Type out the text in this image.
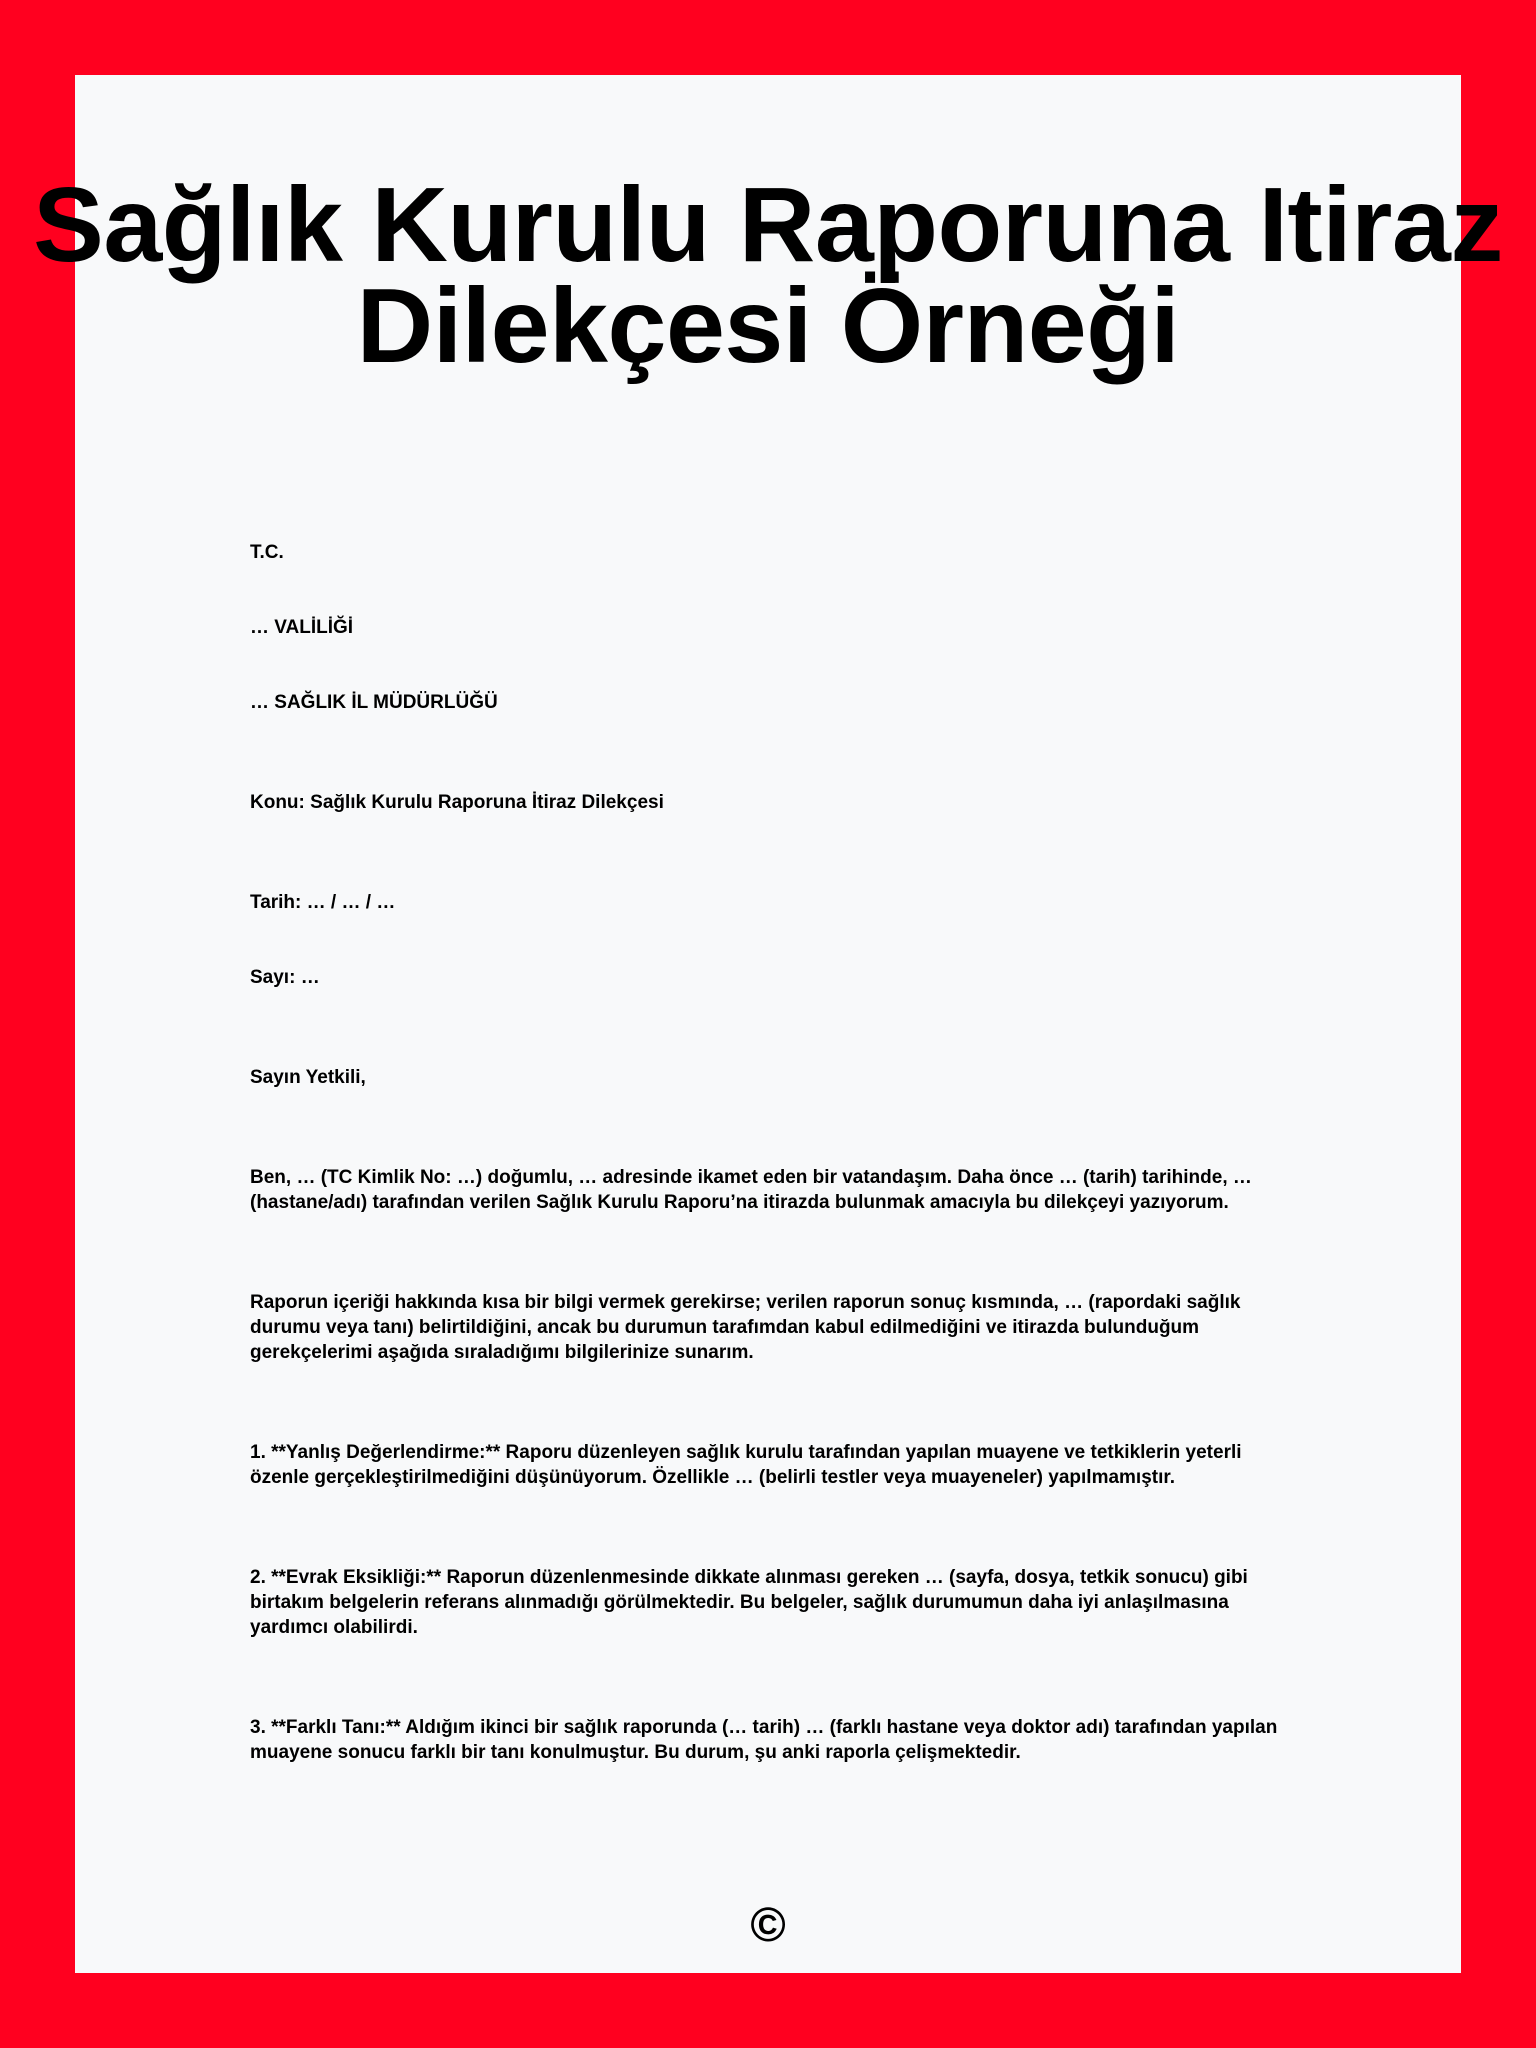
Sağlık Kurulu Raporuna Itiraz Dilekçesi Örneği

T.C.

… VALİLİĞİ

… SAĞLIK İL MÜDÜRLÜĞÜ

Konu: Sağlık Kurulu Raporuna İtiraz Dilekçesi

Tarih: … / … / …

Sayı: …

Sayın Yetkili,

Ben, … (TC Kimlik No: …) doğumlu, … adresinde ikamet eden bir vatandaşım. Daha önce … (tarih) tarihinde, … (hastane/adı) tarafından verilen Sağlık Kurulu Raporu’na itirazda bulunmak amacıyla bu dilekçeyi yazıyorum.

Raporun içeriği hakkında kısa bir bilgi vermek gerekirse; verilen raporun sonuç kısmında, … (rapordaki sağlık durumu veya tanı) belirtildiğini, ancak bu durumun tarafımdan kabul edilmediğini ve itirazda bulunduğum gerekçelerimi aşağıda sıraladığımı bilgilerinize sunarım.

1. **Yanlış Değerlendirme:** Raporu düzenleyen sağlık kurulu tarafından yapılan muayene ve tetkiklerin yeterli özenle gerçekleştirilmediğini düşünüyorum. Özellikle … (belirli testler veya muayeneler) yapılmamıştır.

2. **Evrak Eksikliği:** Raporun düzenlenmesinde dikkate alınması gereken … (sayfa, dosya, tetkik sonucu) gibi birtakım belgelerin referans alınmadığı görülmektedir. Bu belgeler, sağlık durumumun daha iyi anlaşılmasına yardımcı olabilirdi.

3. **Farklı Tanı:** Aldığım ikinci bir sağlık raporunda (… tarih) … (farklı hastane veya doktor adı) tarafından yapılan muayene sonucu farklı bir tanı konulmuştur. Bu durum, şu anki raporla çelişmektedir.

©
